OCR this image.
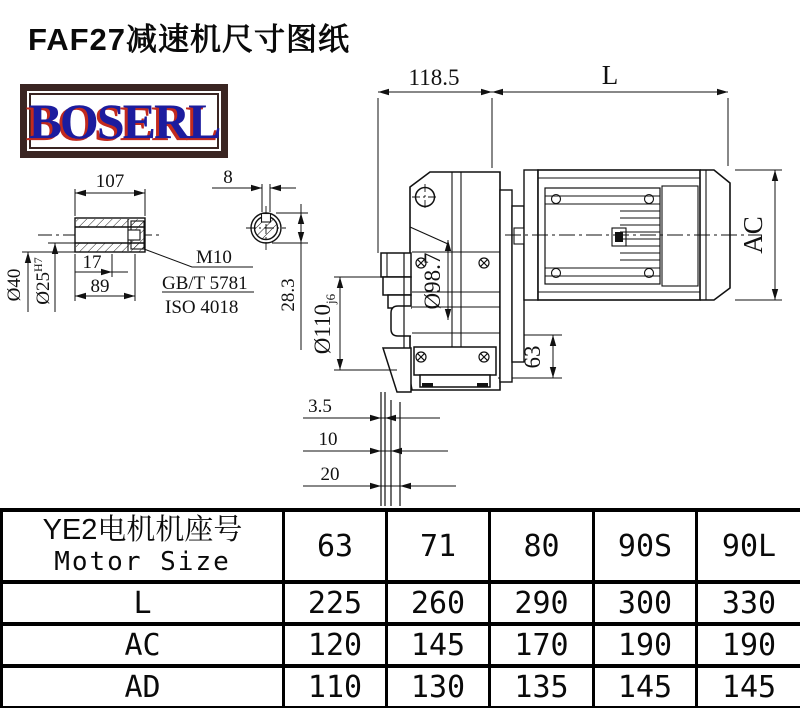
FAF27减速机尺寸图纸
BOSERL
107
17
89
Ø40 $Ø25^{H7}$	M10
GB/T 5781
ISO 4018
8
28.3
118.5	L
AC
Ø98.7
$Ø110_{j6}$
63
3.5
10
20
YE2电机机座号
Motor Size	63	71	80	90S	90L
L	225	260	290	300	330
AC	120	145	170	190	190
AD	110	130	135	145	145
